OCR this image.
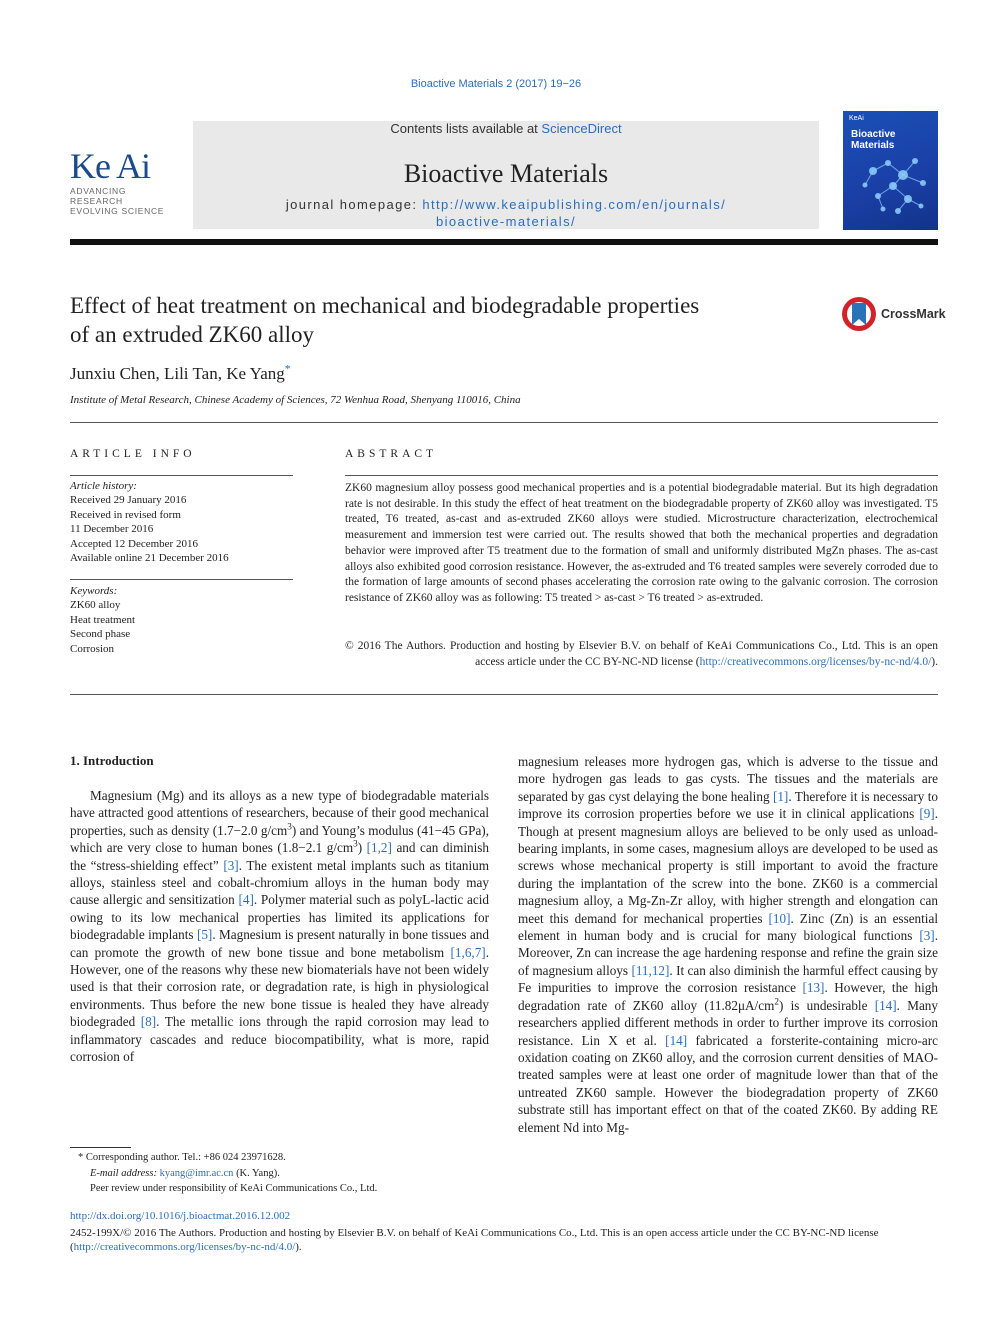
Bioactive Materials 2 (2017) 19−26
Ke Ai
ADVANCING RESEARCH
EVOLVING SCIENCE
Contents lists available at ScienceDirect
Bioactive Materials
journal homepage: http://www.keaipublishing.com/en/journals/
bioactive-materials/
KeAi
Bioactive
Materials
Effect of heat treatment on mechanical and biodegradable properties
of an extruded ZK60 alloy
CrossMark
Junxiu Chen, Lili Tan, Ke Yang*
Institute of Metal Research, Chinese Academy of Sciences, 72 Wenhua Road, Shenyang 110016, China
ARTICLE INFO	ABSTRACT
Article history:
Received 29 January 2016
Received in revised form
11 December 2016
Accepted 12 December 2016
Available online 21 December 2016
Keywords:
ZK60 alloy
Heat treatment
Second phase
Corrosion
ZK60 magnesium alloy possess good mechanical properties and is a potential biodegradable material. But its high degradation rate is not desirable. In this study the effect of heat treatment on the biodegradable property of ZK60 alloy was investigated. T5 treated, T6 treated, as-cast and as-extruded ZK60 alloys were studied. Microstructure characterization, electrochemical measurement and immersion test were carried out. The results showed that both the mechanical properties and degradation behavior were improved after T5 treatment due to the formation of small and uniformly distributed MgZn phases. The as-cast alloys also exhibited good corrosion resistance. However, the as-extruded and T6 treated samples were severely corroded due to the formation of large amounts of second phases accelerating the corrosion rate owing to the galvanic corrosion. The corrosion resistance of ZK60 alloy was as following: T5 treated > as-cast > T6 treated > as-extruded.
© 2016 The Authors. Production and hosting by Elsevier B.V. on behalf of KeAi Communications Co., Ltd. This is an open access article under the CC BY-NC-ND license (http://creativecommons.org/licenses/by-nc-nd/4.0/).
1. Introduction
Magnesium (Mg) and its alloys as a new type of biodegradable materials have attracted good attentions of researchers, because of their good mechanical properties, such as density (1.7−2.0 $g/cm^3$) and Young’s modulus (41−45 GPa), which are very close to human bones (1.8−2.1 $g/cm^3$) [1,2] and can diminish the “stress-shielding effect” [3]. The existent metal implants such as titanium alloys, stainless steel and cobalt-chromium alloys in the human body may cause allergic and sensitization [4]. Polymer material such as polyL-lactic acid owing to its low mechanical properties has limited its applications for biodegradable implants [5]. Magnesium is present naturally in bone tissues and can promote the growth of new bone tissue and bone metabolism [1,6,7]. However, one of the reasons why these new biomaterials have not been widely used is that their corrosion rate, or degradation rate, is high in physiological environments. Thus before the new bone tissue is healed they have already biodegraded [8]. The metallic ions through the rapid corrosion may lead to inflammatory cascades and reduce biocompatibility, what is more, rapid corrosion of
magnesium releases more hydrogen gas, which is adverse to the tissue and more hydrogen gas leads to gas cysts. The tissues and the materials are separated by gas cyst delaying the bone healing [1]. Therefore it is necessary to improve its corrosion properties before we use it in clinical applications [9]. Though at present magnesium alloys are believed to be only used as unload-bearing implants, in some cases, magnesium alloys are developed to be used as screws whose mechanical property is still important to avoid the fracture during the implantation of the screw into the bone. ZK60 is a commercial magnesium alloy, a Mg-Zn-Zr alloy, with higher strength and elongation can meet this demand for mechanical properties [10]. Zinc (Zn) is an essential element in human body and is crucial for many biological functions [3]. Moreover, Zn can increase the age hardening response and refine the grain size of magnesium alloys [11,12]. It can also diminish the harmful effect causing by Fe impurities to improve the corrosion resistance [13]. However, the high degradation rate of ZK60 alloy $(11.82\mu A/cm^2)$ is undesirable [14]. Many researchers applied different methods in order to further improve its corrosion resistance. Lin X et al. [14] fabricated a forsterite-containing micro-arc oxidation coating on ZK60 alloy, and the corrosion current densities of MAO-treated samples were at least one order of magnitude lower than that of the untreated ZK60 sample. However the biodegradation property of ZK60 substrate still has important effect on that of the coated ZK60. By adding RE element Nd into Mg-
* Corresponding author. Tel.: +86 024 23971628.
E-mail address: kyang@imr.ac.cn (K. Yang).
Peer review under responsibility of KeAi Communications Co., Ltd.
http://dx.doi.org/10.1016/j.bioactmat.2016.12.002
2452-199X/© 2016 The Authors. Production and hosting by Elsevier B.V. on behalf of KeAi Communications Co., Ltd. This is an open access article under the CC BY-NC-ND license (http://creativecommons.org/licenses/by-nc-nd/4.0/).
